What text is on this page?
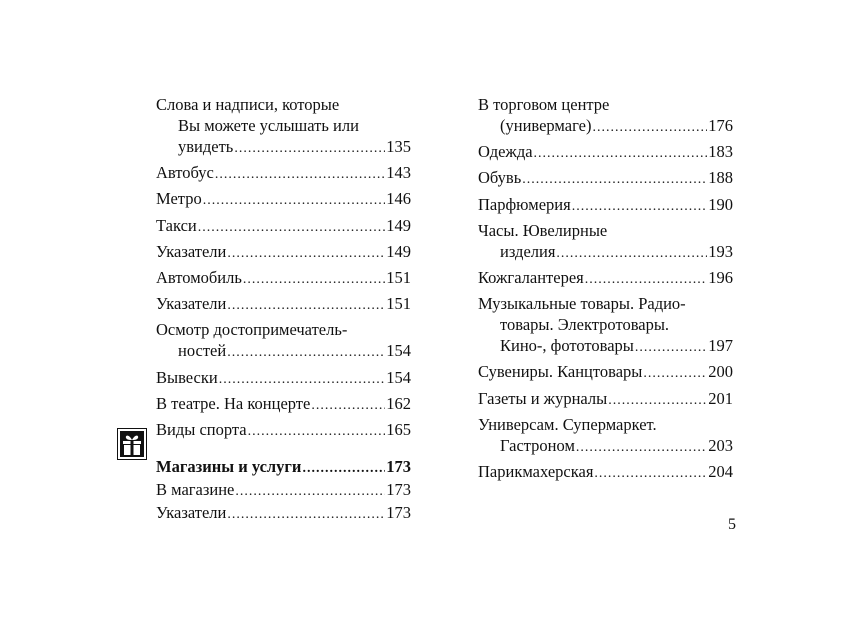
Слова и надписи, которые
Вы можете услышать или
увидеть .....	135
Автобус .....	143
Метро .....	146
Такси .....	149
Указатели .....	149
Автомобиль .....	151
Указатели .....	151
Осмотр достопримечатель-
ностей .....	154
Вывески .....	154
В театре. На концерте .....	162
Виды спорта .....	165
Магазины и услуги .....	173
В магазине .....	173
Указатели .....	173
В торговом центре
(универмаге) .....	176
Одежда .....	183
Обувь .....	188
Парфюмерия .....	190
Часы. Ювелирные
изделия .....	193
Кожгалантерея .....	196
Музыкальные товары. Радио-
товары. Электротовары.
Кино-, фототовары .....	197
Сувениры. Канцтовары .....	200
Газеты и журналы .....	201
Универсам. Супермаркет.
Гастроном .....	203
Парикмахерская .....	204
5
